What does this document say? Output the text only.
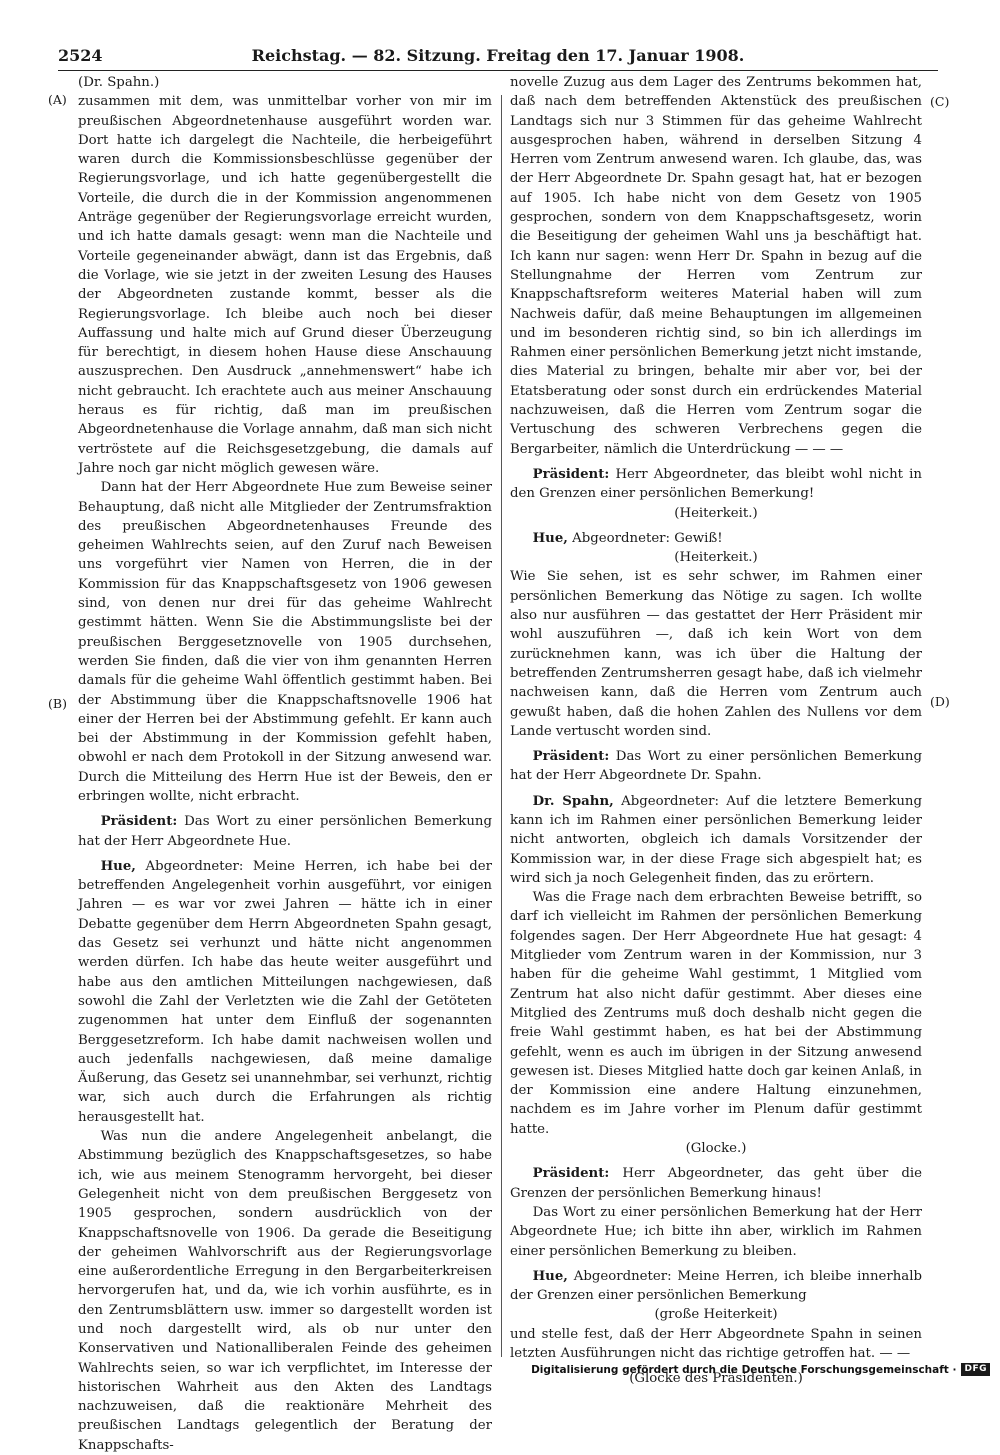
2524	Reichstag. — 82. Sitzung. Freitag den 17. Januar 1908.
(A)
(B)
(C)
(D)

(Dr. Spahn.)

zusammen mit dem, was unmittelbar vorher von mir im preußischen Abgeordnetenhause ausgeführt worden war. Dort hatte ich dargelegt die Nachteile, die herbeigeführt waren durch die Kommissionsbeschlüsse gegenüber der Regierungsvorlage, und ich hatte gegenübergestellt die Vorteile, die durch die in der Kommission angenommenen Anträge gegenüber der Regierungsvorlage erreicht wurden, und ich hatte damals gesagt: wenn man die Nachteile und Vorteile gegeneinander abwägt, dann ist das Ergebnis, daß die Vorlage, wie sie jetzt in der zweiten Lesung des Hauses der Abgeordneten zustande kommt, besser als die Regierungsvorlage. Ich bleibe auch noch bei dieser Auffassung und halte mich auf Grund dieser Überzeugung für berechtigt, in diesem hohen Hause diese Anschauung auszusprechen. Den Ausdruck „annehmenswert“ habe ich nicht gebraucht. Ich erachtete auch aus meiner Anschauung heraus es für richtig, daß man im preußischen Abgeordnetenhause die Vorlage annahm, daß man sich nicht vertröstete auf die Reichsgesetzgebung, die damals auf Jahre noch gar nicht möglich gewesen wäre.

Dann hat der Herr Abgeordnete Hue zum Beweise seiner Behauptung, daß nicht alle Mitglieder der Zentrumsfraktion des preußischen Abgeordnetenhauses Freunde des geheimen Wahlrechts seien, auf den Zuruf nach Beweisen uns vorgeführt vier Namen von Herren, die in der Kommission für das Knappschaftsgesetz von 1906 gewesen sind, von denen nur drei für das geheime Wahlrecht gestimmt hätten. Wenn Sie die Abstimmungsliste bei der preußischen Berggesetznovelle von 1905 durchsehen, werden Sie finden, daß die vier von ihm genannten Herren damals für die geheime Wahl öffentlich gestimmt haben. Bei der Abstimmung über die Knappschaftsnovelle 1906 hat einer der Herren bei der Abstimmung gefehlt. Er kann auch bei der Abstimmung in der Kommission gefehlt haben, obwohl er nach dem Protokoll in der Sitzung anwesend war. Durch die Mitteilung des Herrn Hue ist der Beweis, den er erbringen wollte, nicht erbracht.

Präsident: Das Wort zu einer persönlichen Bemerkung hat der Herr Abgeordnete Hue.

Hue, Abgeordneter: Meine Herren, ich habe bei der betreffenden Angelegenheit vorhin ausgeführt, vor einigen Jahren — es war vor zwei Jahren — hätte ich in einer Debatte gegenüber dem Herrn Abgeordneten Spahn gesagt, das Gesetz sei verhunzt und hätte nicht angenommen werden dürfen. Ich habe das heute weiter ausgeführt und habe aus den amtlichen Mitteilungen nachgewiesen, daß sowohl die Zahl der Verletzten wie die Zahl der Getöteten zugenommen hat unter dem Einfluß der sogenannten Berggesetzreform. Ich habe damit nachweisen wollen und auch jedenfalls nachgewiesen, daß meine damalige Äußerung, das Gesetz sei unannehmbar, sei verhunzt, richtig war, sich auch durch die Erfahrungen als richtig herausgestellt hat.

Was nun die andere Angelegenheit anbelangt, die Abstimmung bezüglich des Knappschaftsgesetzes, so habe ich, wie aus meinem Stenogramm hervorgeht, bei dieser Gelegenheit nicht von dem preußischen Berggesetz von 1905 gesprochen, sondern ausdrücklich von der Knappschaftsnovelle von 1906. Da gerade die Beseitigung der geheimen Wahlvorschrift aus der Regierungsvorlage eine außerordentliche Erregung in den Bergarbeiterkreisen hervorgerufen hat, und da, wie ich vorhin ausführte, es in den Zentrumsblättern usw. immer so dargestellt worden ist und noch dargestellt wird, als ob nur unter den Konservativen und Nationalliberalen Feinde des geheimen Wahlrechts seien, so war ich verpflichtet, im Interesse der historischen Wahrheit aus den Akten des Landtags nachzuweisen, daß die reaktionäre Mehrheit des preußischen Landtags gelegentlich der Beratung der Knappschafts-

novelle Zuzug aus dem Lager des Zentrums bekommen hat, daß nach dem betreffenden Aktenstück des preußischen Landtags sich nur 3 Stimmen für das geheime Wahlrecht ausgesprochen haben, während in derselben Sitzung 4 Herren vom Zentrum anwesend waren. Ich glaube, das, was der Herr Abgeordnete Dr. Spahn gesagt hat, hat er bezogen auf 1905. Ich habe nicht von dem Gesetz von 1905 gesprochen, sondern von dem Knappschaftsgesetz, worin die Beseitigung der geheimen Wahl uns ja beschäftigt hat. Ich kann nur sagen: wenn Herr Dr. Spahn in bezug auf die Stellungnahme der Herren vom Zentrum zur Knappschaftsreform weiteres Material haben will zum Nachweis dafür, daß meine Behauptungen im allgemeinen und im besonderen richtig sind, so bin ich allerdings im Rahmen einer persönlichen Bemerkung jetzt nicht imstande, dies Material zu bringen, behalte mir aber vor, bei der Etatsberatung oder sonst durch ein erdrückendes Material nachzuweisen, daß die Herren vom Zentrum sogar die Vertuschung des schweren Verbrechens gegen die Bergarbeiter, nämlich die Unterdrückung — — —

Präsident: Herr Abgeordneter, das bleibt wohl nicht in den Grenzen einer persönlichen Bemerkung!

(Heiterkeit.)

Hue, Abgeordneter: Gewiß!

(Heiterkeit.)

Wie Sie sehen, ist es sehr schwer, im Rahmen einer persönlichen Bemerkung das Nötige zu sagen. Ich wollte also nur ausführen — das gestattet der Herr Präsident mir wohl auszuführen —, daß ich kein Wort von dem zurücknehmen kann, was ich über die Haltung der betreffenden Zentrumsherren gesagt habe, daß ich vielmehr nachweisen kann, daß die Herren vom Zentrum auch gewußt haben, daß die hohen Zahlen des Nullens vor dem Lande vertuscht worden sind.

Präsident: Das Wort zu einer persönlichen Bemerkung hat der Herr Abgeordnete Dr. Spahn.

Dr. Spahn, Abgeordneter: Auf die letztere Bemerkung kann ich im Rahmen einer persönlichen Bemerkung leider nicht antworten, obgleich ich damals Vorsitzender der Kommission war, in der diese Frage sich abgespielt hat; es wird sich ja noch Gelegenheit finden, das zu erörtern.

Was die Frage nach dem erbrachten Beweise betrifft, so darf ich vielleicht im Rahmen der persönlichen Bemerkung folgendes sagen. Der Herr Abgeordnete Hue hat gesagt: 4 Mitglieder vom Zentrum waren in der Kommission, nur 3 haben für die geheime Wahl gestimmt, 1 Mitglied vom Zentrum hat also nicht dafür gestimmt. Aber dieses eine Mitglied des Zentrums muß doch deshalb nicht gegen die freie Wahl gestimmt haben, es hat bei der Abstimmung gefehlt, wenn es auch im übrigen in der Sitzung anwesend gewesen ist. Dieses Mitglied hatte doch gar keinen Anlaß, in der Kommission eine andere Haltung einzunehmen, nachdem es im Jahre vorher im Plenum dafür gestimmt hatte.

(Glocke.)

Präsident: Herr Abgeordneter, das geht über die Grenzen der persönlichen Bemerkung hinaus!

Das Wort zu einer persönlichen Bemerkung hat der Herr Abgeordnete Hue; ich bitte ihn aber, wirklich im Rahmen einer persönlichen Bemerkung zu bleiben.

Hue, Abgeordneter: Meine Herren, ich bleibe innerhalb der Grenzen einer persönlichen Bemerkung

(große Heiterkeit)

und stelle fest, daß der Herr Abgeordnete Spahn in seinen letzten Ausführungen nicht das richtige getroffen hat. — —

(Glocke des Präsidenten.)

Digitalisierung gefördert durch die Deutsche Forschungsgemeinschaft · DFG
